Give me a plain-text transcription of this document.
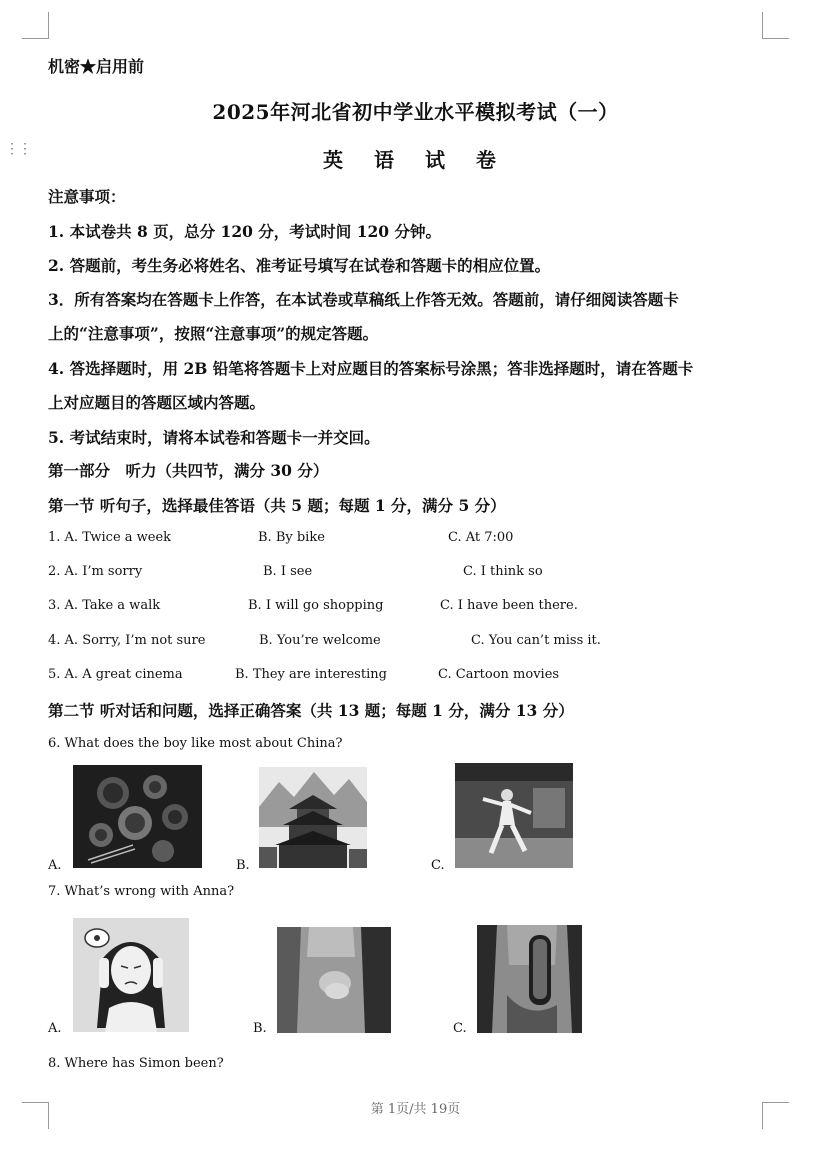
⋮⋮
机密★启用前
2025年河北省初中学业水平模拟考试（一）
英 语 试 卷
注意事项：
1. 本试卷共 8 页，总分 120 分，考试时间 120 分钟。
2. 答题前，考生务必将姓名、准考证号填写在试卷和答题卡的相应位置。
3．所有答案均在答题卡上作答，在本试卷或草稿纸上作答无效。答题前，请仔细阅读答题卡
上的“注意事项”，按照“注意事项”的规定答题。
4. 答选择题时，用 2B 铅笔将答题卡上对应题目的答案标号涂黑；答非选择题时，请在答题卡
上对应题目的答题区域内答题。
5. 考试结束时，请将本试卷和答题卡一并交回。
第一部分　听力（共四节，满分 30 分）
第一节 听句子，选择最佳答语（共 5 题；每题 1 分，满分 5 分）
1. A. Twice a week	B. By bike	C. At 7:00
2. A. I’m sorry	B. I see	C. I think so
3. A. Take a walk	B. I will go shopping	C. I have been there.
4. A. Sorry, I’m not sure	B. You’re welcome	C. You can’t miss it.
5. A. A great cinema	B. They are interesting	C. Cartoon movies
第二节 听对话和问题，选择正确答案（共 13 题；每题 1 分，满分 13 分）
6. What does the boy like most about China?
A.	B.	C.
7. What’s wrong with Anna?
A.	B.	C.
8. Where has Simon been?
第 1页/共 19页
